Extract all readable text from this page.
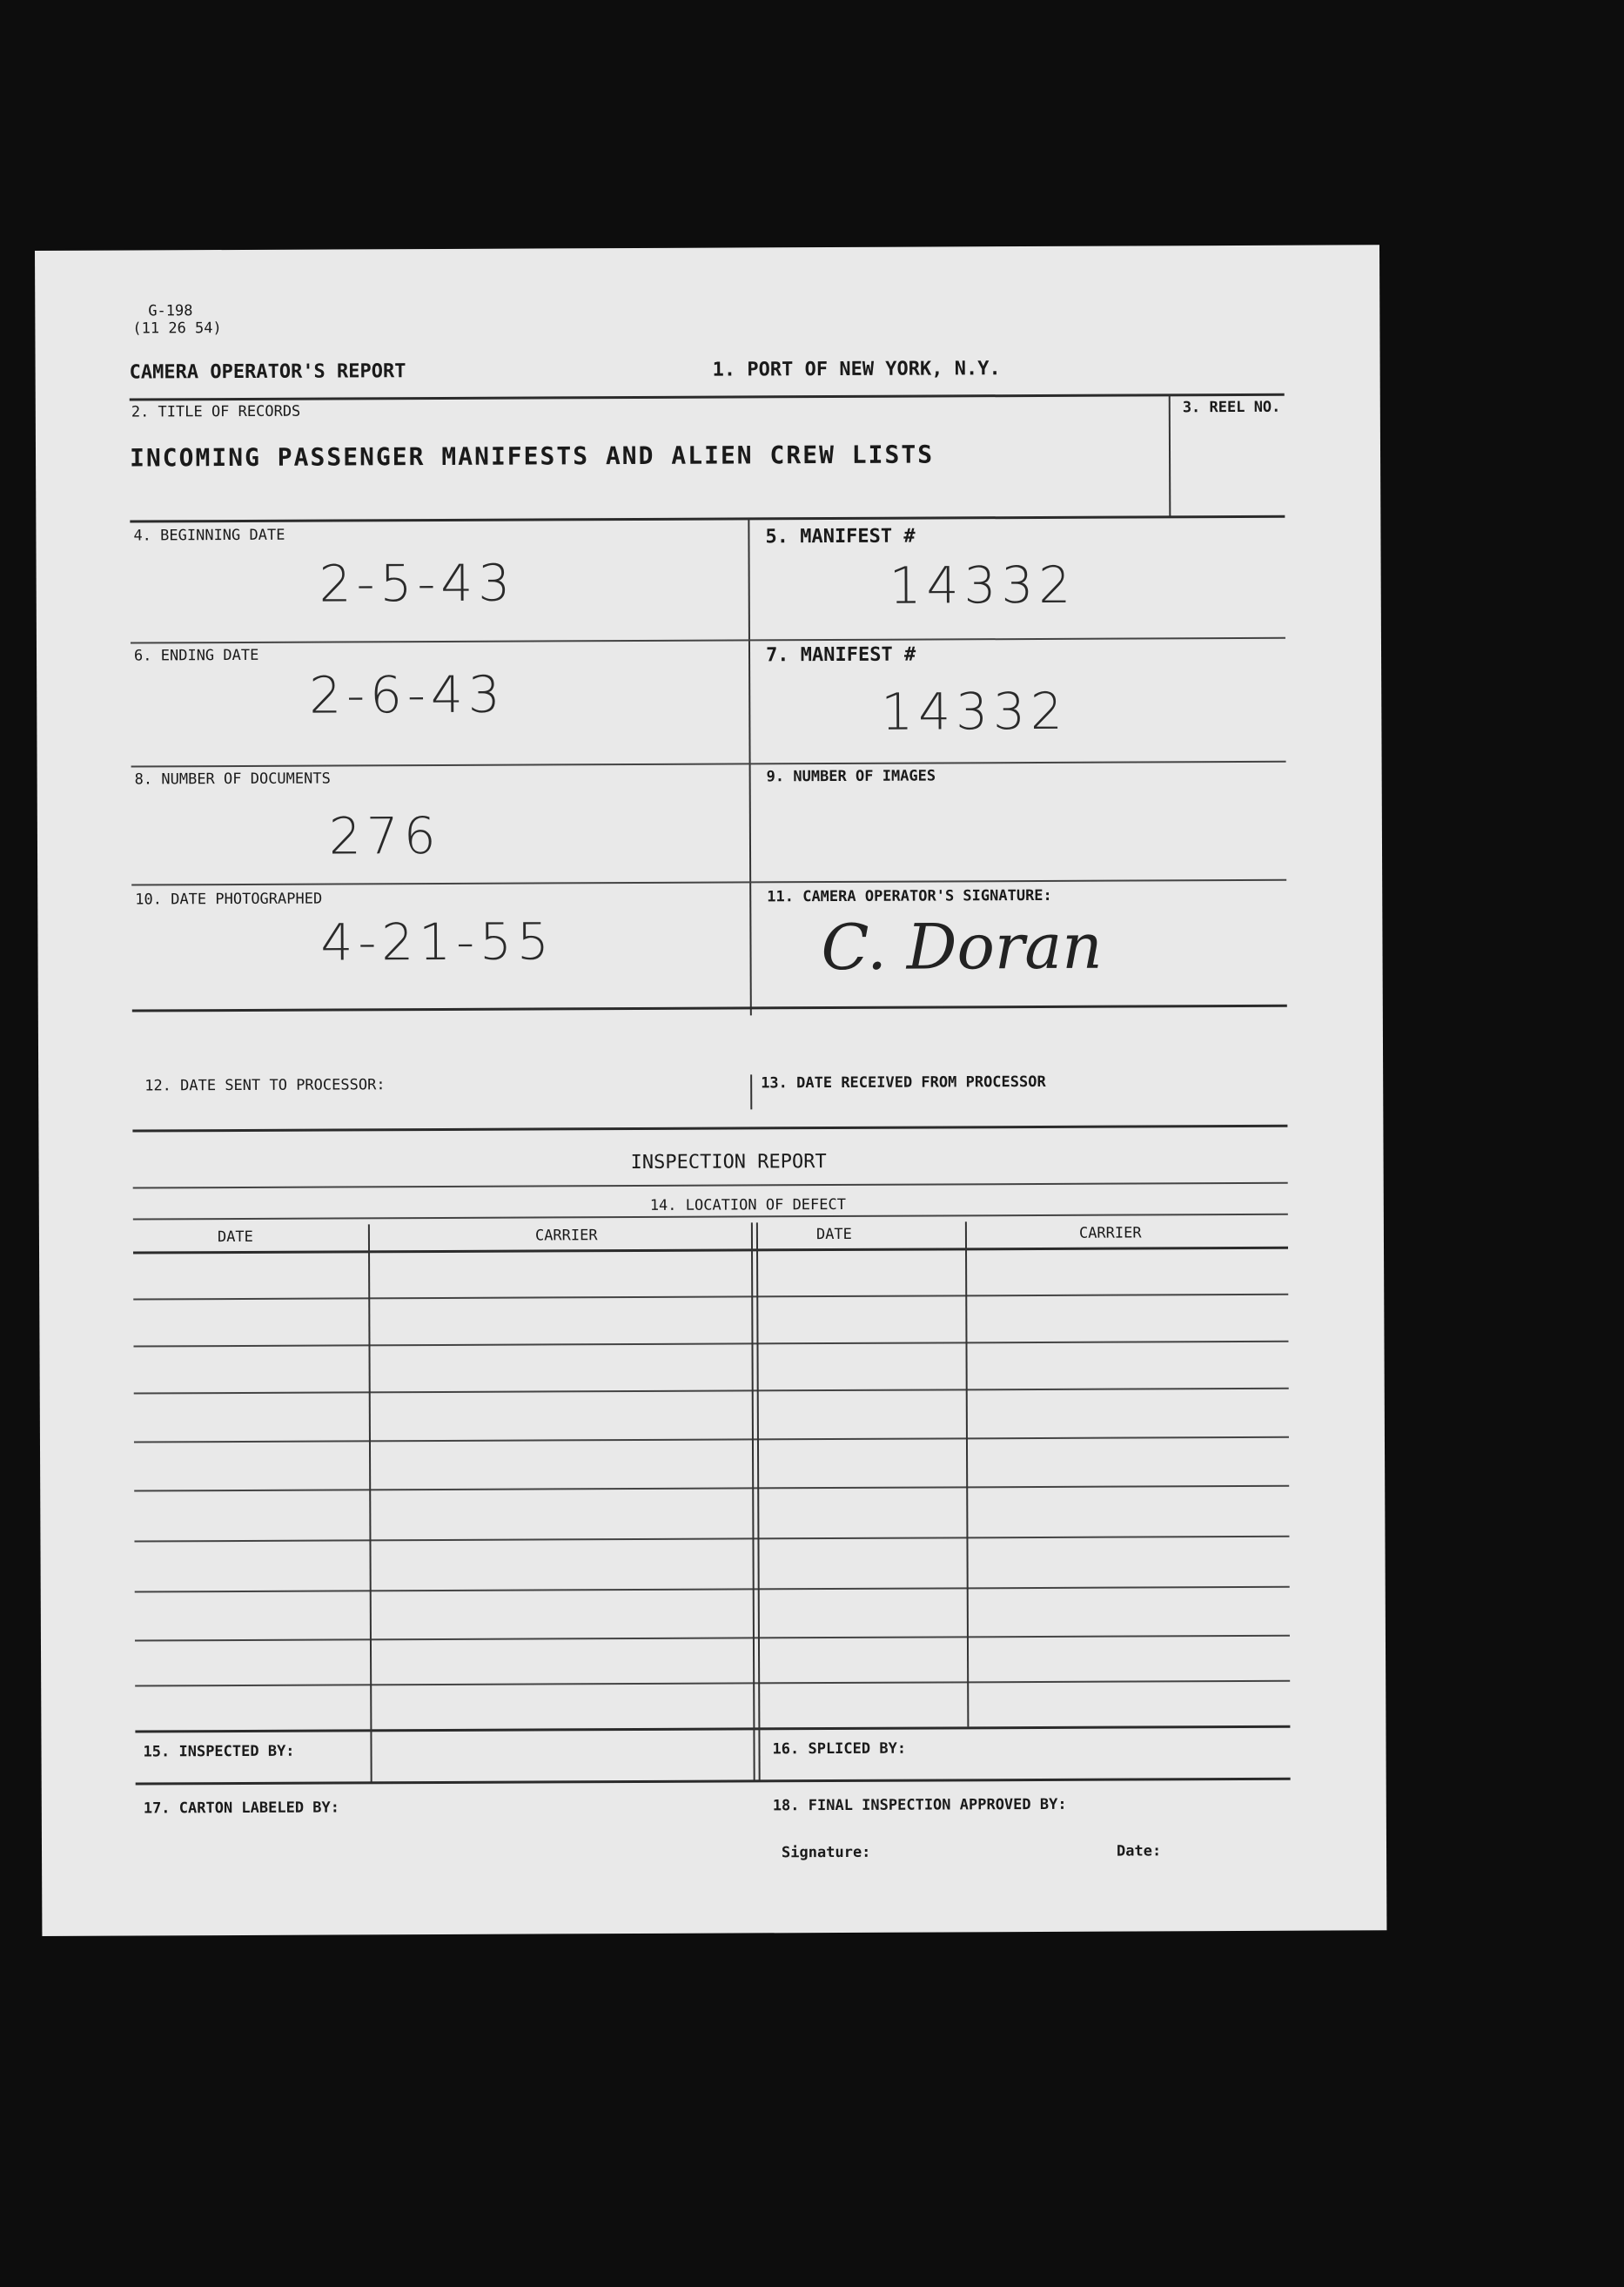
G-198
(11 26 54)
CAMERA OPERATOR'S REPORT	1. PORT OF NEW YORK, N.Y.
2. TITLE OF RECORDS
INCOMING PASSENGER MANIFESTS AND ALIEN CREW LISTS
3. REEL NO.
4. BEGINNING DATE
2-5-43
5. MANIFEST #
14332
6. ENDING DATE
2-6-43
7. MANIFEST #
14332
8. NUMBER OF DOCUMENTS
276
9. NUMBER OF IMAGES
10. DATE PHOTOGRAPHED
4-21-55
11. CAMERA OPERATOR'S SIGNATURE:
C. Doran
12. DATE SENT TO PROCESSOR:	13. DATE RECEIVED FROM PROCESSOR
INSPECTION REPORT
14. LOCATION OF DEFECT
DATE	CARRIER	DATE	CARRIER
15. INSPECTED BY:	16. SPLICED BY:
17. CARTON LABELED BY:	18. FINAL INSPECTION APPROVED BY:
Signature:	Date:
